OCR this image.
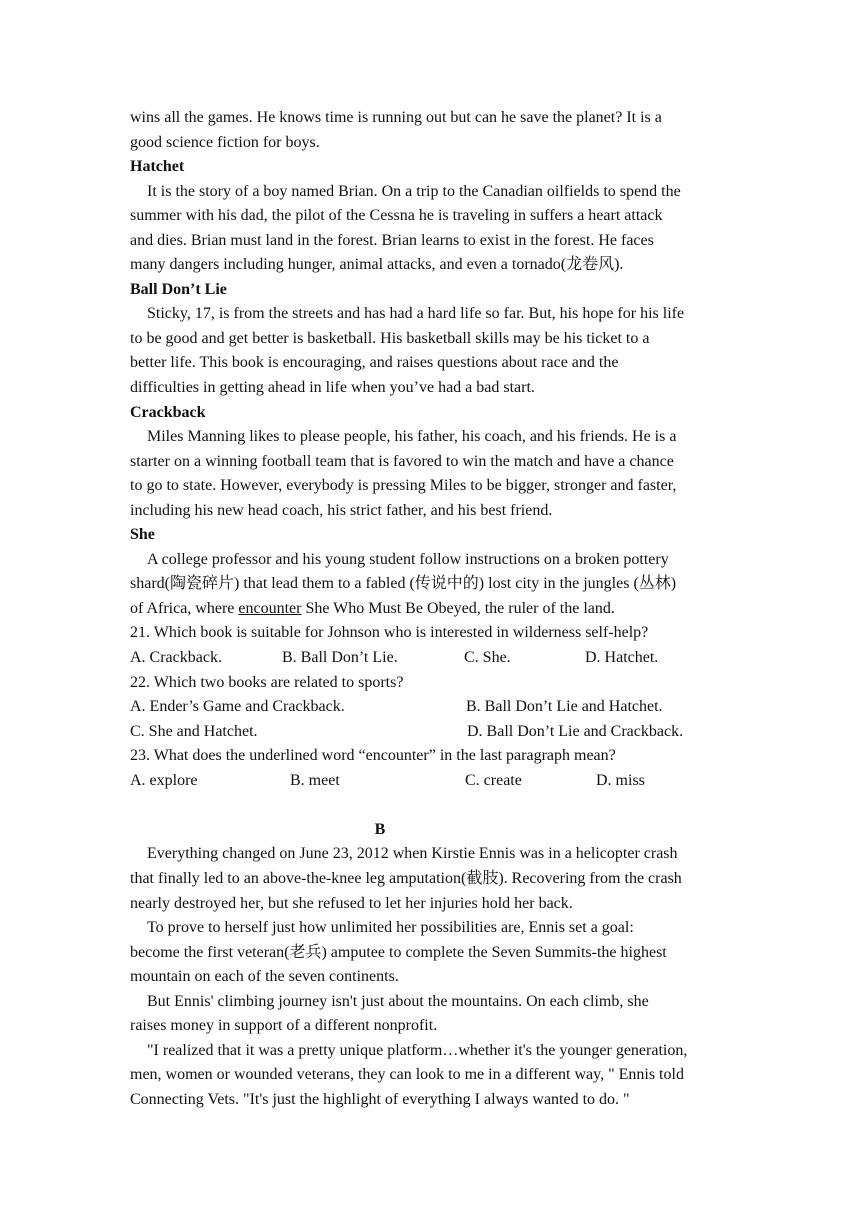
wins all the games. He knows time is running out but can he save the planet? It is a
good science fiction for boys.
Hatchet
It is the story of a boy named Brian. On a trip to the Canadian oilfields to spend the
summer with his dad, the pilot of the Cessna he is traveling in suffers a heart attack
and dies. Brian must land in the forest. Brian learns to exist in the forest. He faces
many dangers including hunger, animal attacks, and even a tornado(龙卷风).
Ball Don’t Lie
Sticky, 17, is from the streets and has had a hard life so far. But, his hope for his life
to be good and get better is basketball. His basketball skills may be his ticket to a
better life. This book is encouraging, and raises questions about race and the
difficulties in getting ahead in life when you’ve had a bad start.
Crackback
Miles Manning likes to please people, his father, his coach, and his friends. He is a
starter on a winning football team that is favored to win the match and have a chance
to go to state. However, everybody is pressing Miles to be bigger, stronger and faster,
including his new head coach, his strict father, and his best friend.
She
A college professor and his young student follow instructions on a broken pottery
shard(陶瓷碎片) that lead them to a fabled (传说中的) lost city in the jungles (丛林)
of Africa, where encounter She Who Must Be Obeyed, the ruler of the land.
21. Which book is suitable for Johnson who is interested in wilderness self-help?
A. Crackback.	B. Ball Don’t Lie.	C. She.	D. Hatchet.
22. Which two books are related to sports?
A. Ender’s Game and Crackback.	B. Ball Don’t Lie and Hatchet.
C. She and Hatchet.	D. Ball Don’t Lie and Crackback.
23. What does the underlined word “encounter” in the last paragraph mean?
A. explore	B. meet	C. create	D. miss
B
Everything changed on June 23, 2012 when Kirstie Ennis was in a helicopter crash
that finally led to an above-the-knee leg amputation(截肢). Recovering from the crash
nearly destroyed her, but she refused to let her injuries hold her back.
To prove to herself just how unlimited her possibilities are, Ennis set a goal:
become the first veteran(老兵) amputee to complete the Seven Summits-the highest
mountain on each of the seven continents.
But Ennis' climbing journey isn't just about the mountains. On each climb, she
raises money in support of a different nonprofit.
"I realized that it was a pretty unique platform…whether it's the younger generation,
men, women or wounded veterans, they can look to me in a different way, " Ennis told
Connecting Vets. "It's just the highlight of everything I always wanted to do. "
